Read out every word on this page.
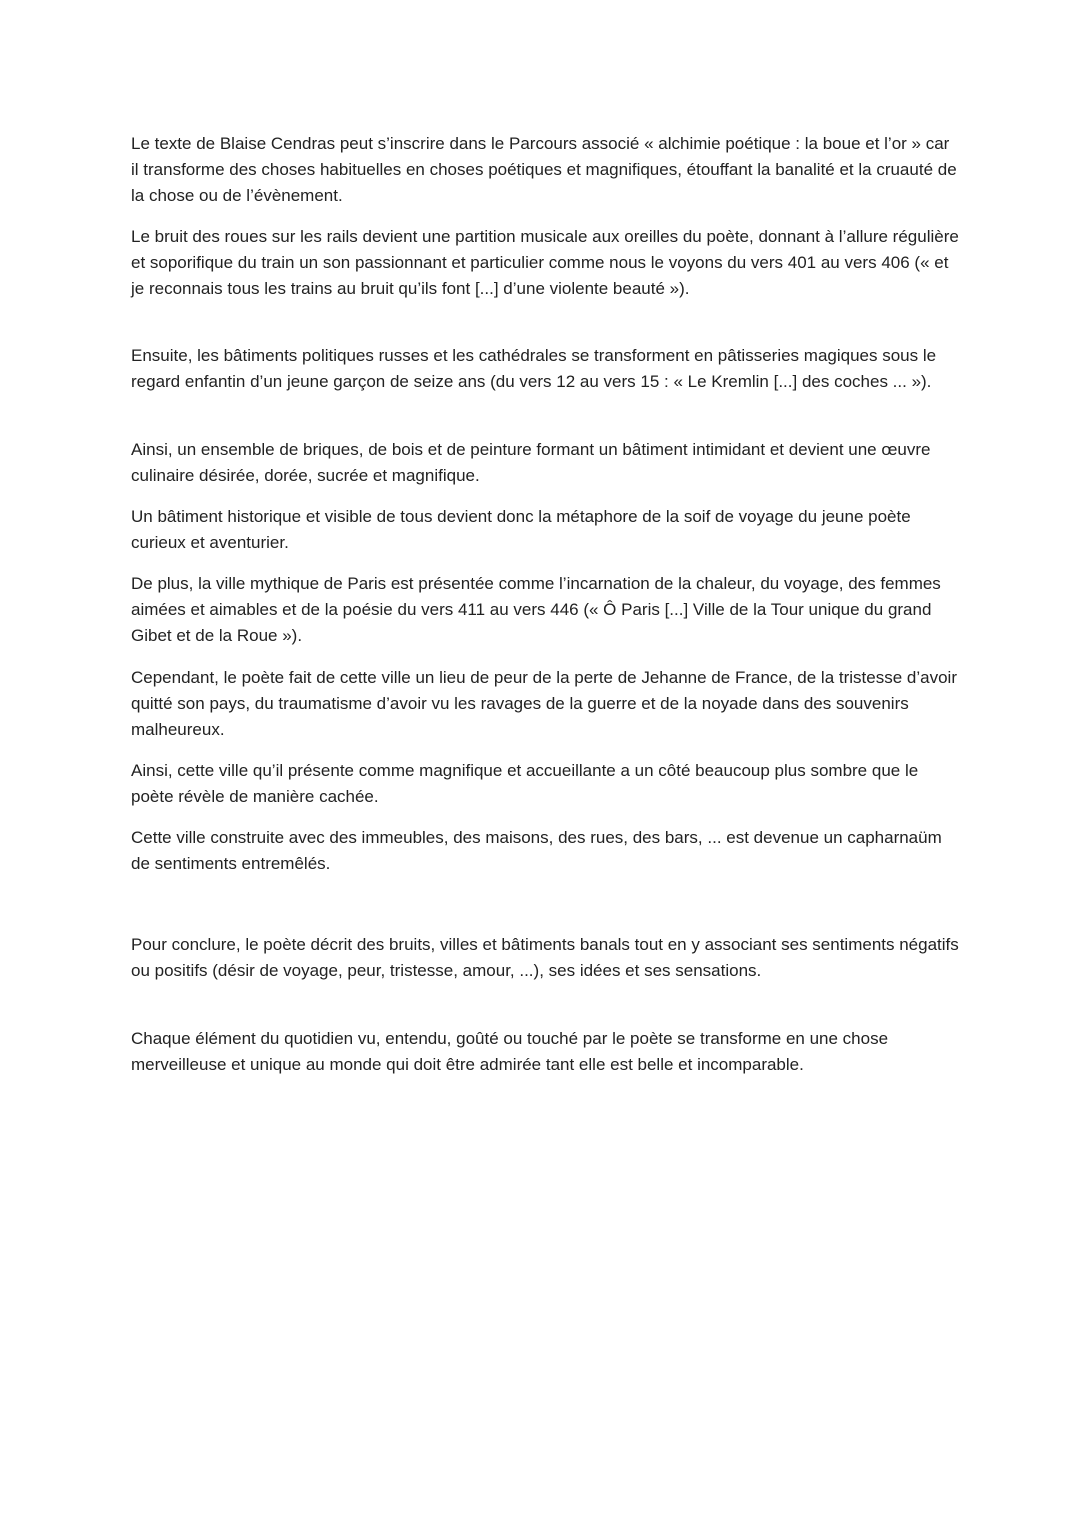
Le texte de Blaise Cendras peut s’inscrire dans le Parcours associé « alchimie poétique : la boue et l’or » car il transforme des choses habituelles en choses poétiques et magnifiques, étouffant la banalité et la cruauté de la chose ou de l’évènement.

Le bruit des roues sur les rails devient une partition musicale aux oreilles du poète, donnant à l’allure régulière et soporifique du train un son passionnant et particulier comme nous le voyons du vers 401 au vers 406 (« et je reconnais tous les trains au bruit qu’ils font [...] d’une violente beauté »).

Ensuite, les bâtiments politiques russes et les cathédrales se transforment en pâtisseries magiques sous le regard enfantin d’un jeune garçon de seize ans (du vers 12 au vers 15 : « Le Kremlin [...] des coches ... »).

Ainsi, un ensemble de briques, de bois et de peinture formant un bâtiment intimidant et devient une œuvre culinaire désirée, dorée, sucrée et magnifique.

Un bâtiment historique et visible de tous devient donc la métaphore de la soif de voyage du jeune poète curieux et aventurier.

De plus, la ville mythique de Paris est présentée comme l’incarnation de la chaleur, du voyage, des femmes aimées et aimables et de la poésie du vers 411 au vers 446 (« Ô Paris [...] Ville de la Tour unique du grand Gibet et de la Roue »).

Cependant, le poète fait de cette ville un lieu de peur de la perte de Jehanne de France, de la tristesse d’avoir quitté son pays, du traumatisme d’avoir vu les ravages de la guerre et de la noyade dans des souvenirs malheureux.

Ainsi, cette ville qu’il présente comme magnifique et accueillante a un côté beaucoup plus sombre que le poète révèle de manière cachée.

Cette ville construite avec des immeubles, des maisons, des rues, des bars, ... est devenue un capharnaüm de sentiments entremêlés.

Pour conclure, le poète décrit des bruits, villes et bâtiments banals tout en y associant ses sentiments négatifs ou positifs (désir de voyage, peur, tristesse, amour, ...), ses idées et ses sensations.

Chaque élément du quotidien vu, entendu, goûté ou touché par le poète se transforme en une chose merveilleuse et unique au monde qui doit être admirée tant elle est belle et incomparable.
